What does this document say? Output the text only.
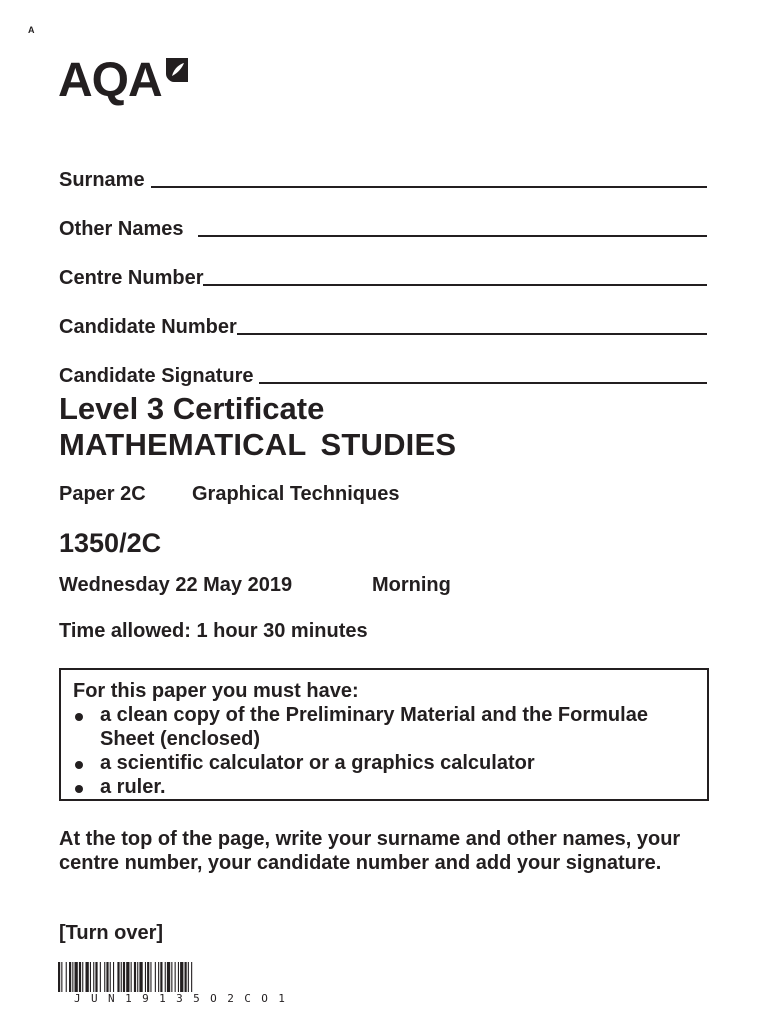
A
AQA
Surname
Other Names
Centre Number
Candidate Number
Candidate Signature
Level 3 Certificate
MATHEMATICAL STUDIES
Paper 2C	Graphical Techniques
1350/2C
Wednesday 22 May 2019	Morning
Time allowed: 1 hour 30 minutes
For this paper you must have:
a clean copy of the Preliminary Material and the Formulae Sheet (enclosed)
a scientific calculator or a graphics calculator
a ruler.
At the top of the page, write your surname and other names, your centre number, your candidate number and add your signature.
[Turn over]
JUN19135O2CO1
